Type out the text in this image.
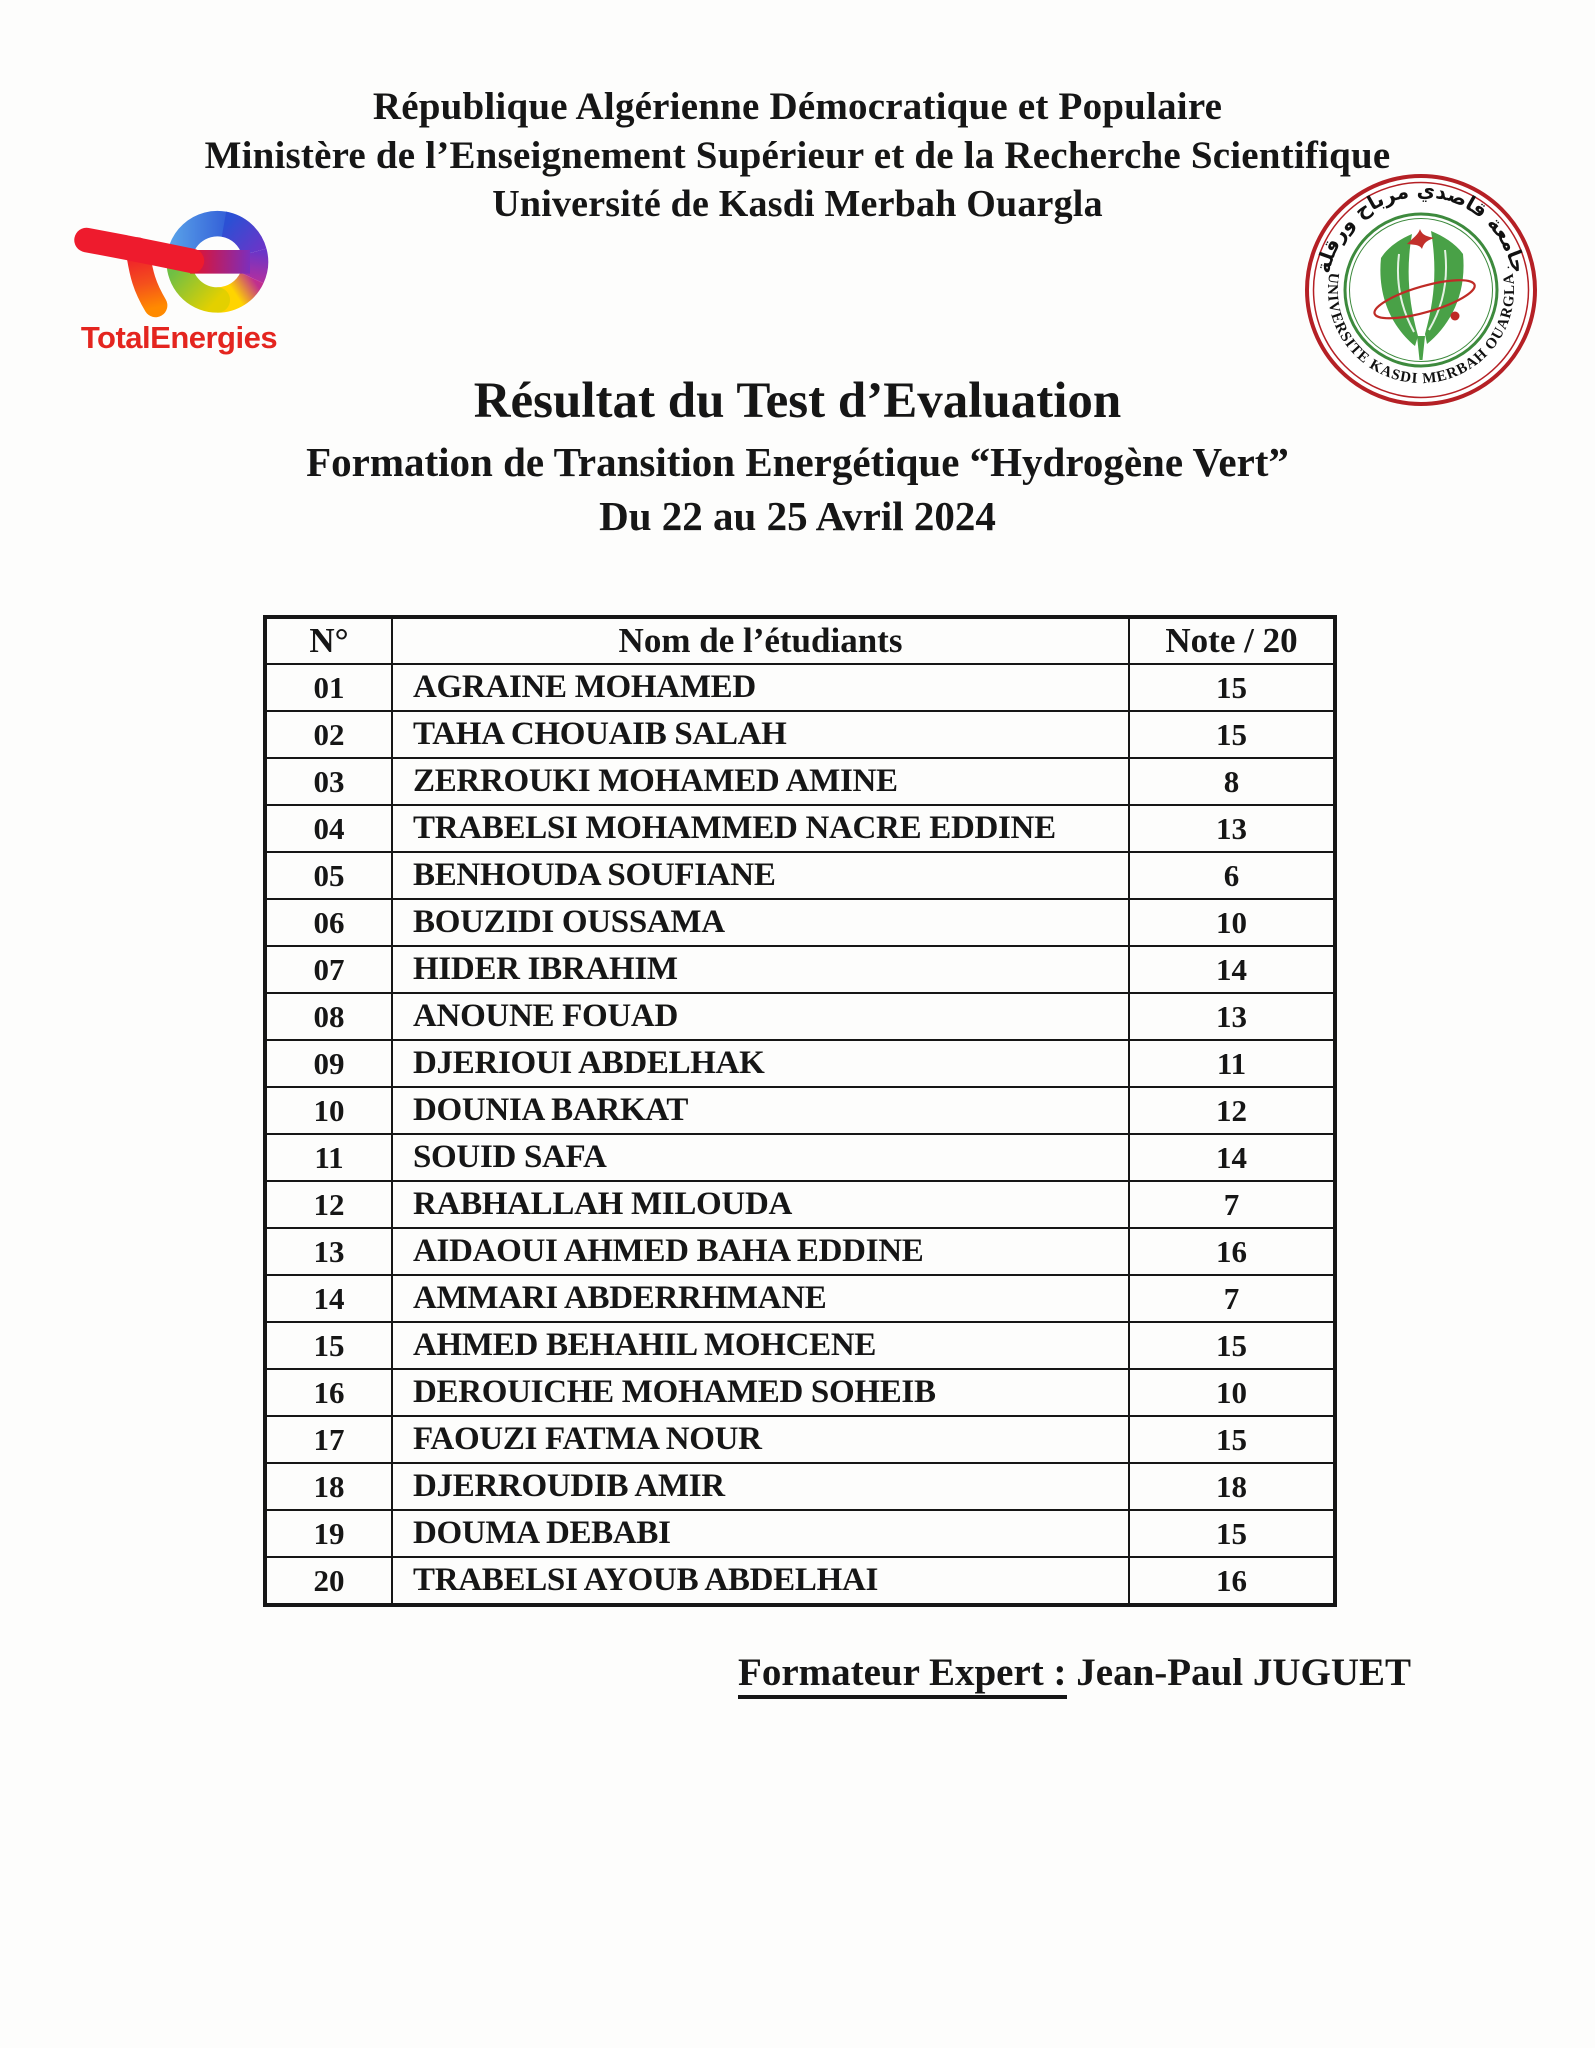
République Algérienne Démocratique et Populaire
Ministère de l’Enseignement Supérieur et de la Recherche Scientifique
Université de Kasdi Merbah Ouargla
TotalEnergies
جامعة قاصدي مرباح ورقلة
UNIVERSITE KASDI MERBAH OUARGLA
Résultat du Test d’Evaluation
Formation de Transition Energétique “Hydrogène Vert”
Du 22 au 25 Avril 2024
N°	Nom de l’étudiants	Note / 20
01	AGRAINE MOHAMED	15
02	TAHA CHOUAIB SALAH	15
03	ZERROUKI MOHAMED AMINE	8
04	TRABELSI MOHAMMED NACRE EDDINE	13
05	BENHOUDA SOUFIANE	6
06	BOUZIDI OUSSAMA	10
07	HIDER IBRAHIM	14
08	ANOUNE FOUAD	13
09	DJERIOUI ABDELHAK	11
10	DOUNIA BARKAT	12
11	SOUID SAFA	14
12	RABHALLAH MILOUDA	7
13	AIDAOUI AHMED BAHA EDDINE	16
14	AMMARI ABDERRHMANE	7
15	AHMED BEHAHIL MOHCENE	15
16	DEROUICHE MOHAMED SOHEIB	10
17	FAOUZI FATMA NOUR	15
18	DJERROUDIB AMIR	18
19	DOUMA DEBABI	15
20	TRABELSI AYOUB ABDELHAI	16
Formateur Expert : Jean-Paul JUGUET
